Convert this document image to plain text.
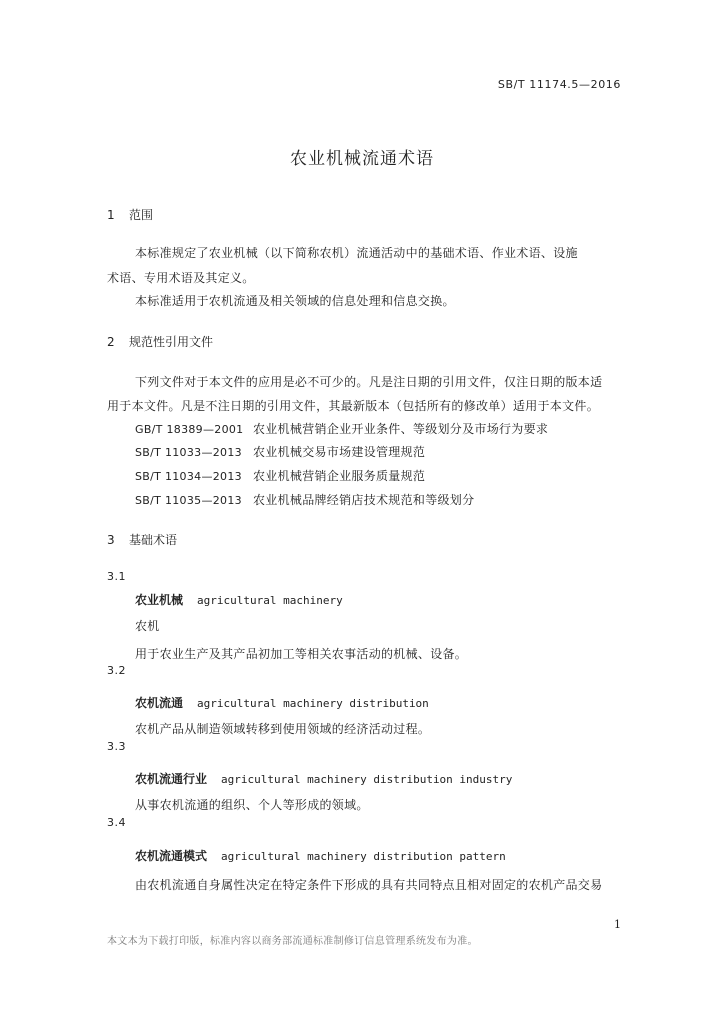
SB/T 11174.5—2016
农业机械流通术语
1 范围
本标准规定了农业机械（以下简称农机）流通活动中的基础术语、作业术语、设施
术语、专用术语及其定义。
本标准适用于农机流通及相关领域的信息处理和信息交换。
2 规范性引用文件
下列文件对于本文件的应用是必不可少的。凡是注日期的引用文件，仅注日期的版本适
用于本文件。凡是不注日期的引用文件，其最新版本（包括所有的修改单）适用于本文件。
GB/T 18389—2001 农业机械营销企业开业条件、等级划分及市场行为要求
SB/T 11033—2013 农业机械交易市场建设管理规范
SB/T 11034—2013 农业机械营销企业服务质量规范
SB/T 11035—2013 农业机械品牌经销店技术规范和等级划分
3 基础术语
3.1
农业机械 agricultural machinery
农机
用于农业生产及其产品初加工等相关农事活动的机械、设备。
3.2
农机流通 agricultural machinery distribution
农机产品从制造领域转移到使用领域的经济活动过程。
3.3
农机流通行业 agricultural machinery distribution industry
从事农机流通的组织、个人等形成的领域。
3.4
农机流通模式 agricultural machinery distribution pattern
由农机流通自身属性决定在特定条件下形成的具有共同特点且相对固定的农机产品交易
1
本文本为下载打印版，标准内容以商务部流通标准制修订信息管理系统发布为准。
